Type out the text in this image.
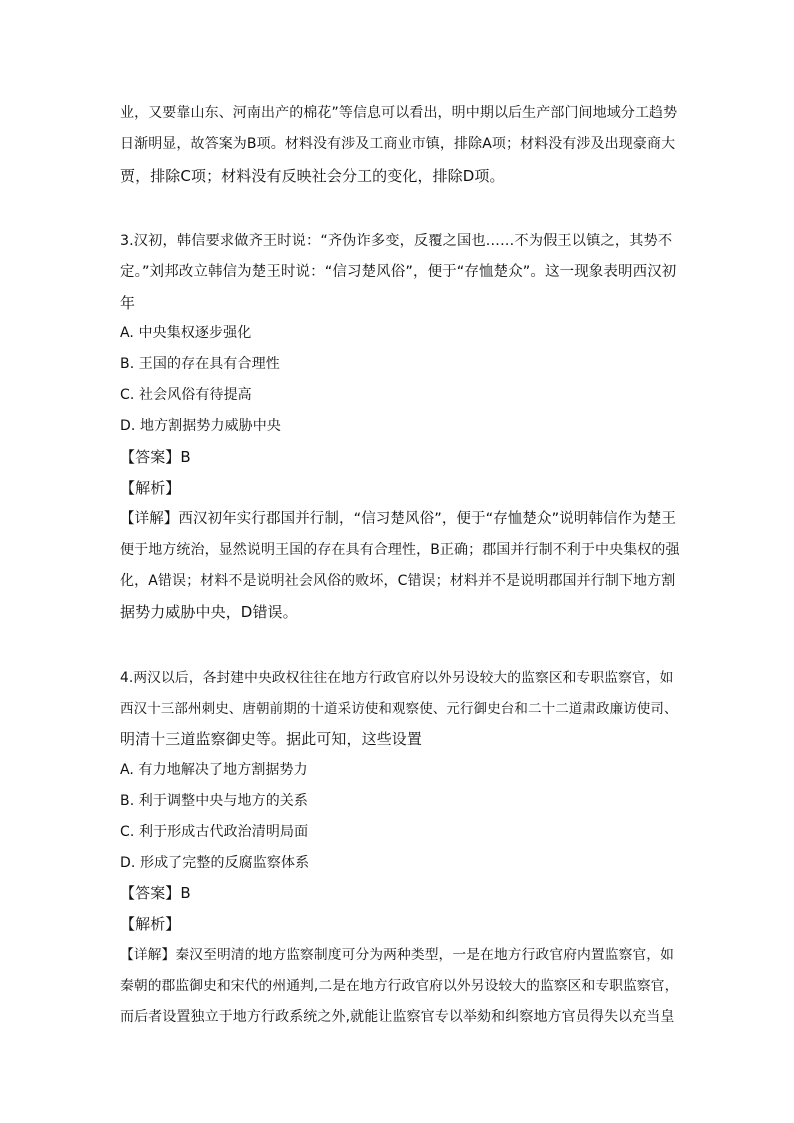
业，又要靠山东、河南出产的棉花”等信息可以看出，明中期以后生产部门间地域分工趋势
日渐明显，故答案为B项。材料没有涉及工商业市镇，排除A项；材料没有涉及出现豪商大
贾，排除C项；材料没有反映社会分工的变化，排除D项。
3.汉初，韩信要求做齐王时说：“齐伪诈多变，反覆之国也……不为假王以镇之，其势不
定。”刘邦改立韩信为楚王时说：“信习楚风俗”，便于“存恤楚众”。这一现象表明西汉初
年
A. 中央集权逐步强化
B. 王国的存在具有合理性
C. 社会风俗有待提高
D. 地方割据势力威胁中央
【答案】B
【解析】
【详解】西汉初年实行郡国并行制，“信习楚风俗”，便于“存恤楚众”说明韩信作为楚王
便于地方统治，显然说明王国的存在具有合理性，B正确；郡国并行制不利于中央集权的强
化，A错误；材料不是说明社会风俗的败坏，C错误；材料并不是说明郡国并行制下地方割
据势力威胁中央，D错误。
4.两汉以后，各封建中央政权往往在地方行政官府以外另设较大的监察区和专职监察官，如
西汉十三部州刺史、唐朝前期的十道采访使和观察使、元行御史台和二十二道肃政廉访使司、
明清十三道监察御史等。据此可知，这些设置
A. 有力地解决了地方割据势力
B. 利于调整中央与地方的关系
C. 利于形成古代政治清明局面
D. 形成了完整的反腐监察体系
【答案】B
【解析】
【详解】秦汉至明清的地方监察制度可分为两种类型，一是在地方行政官府内置监察官，如
秦朝的郡监御史和宋代的州通判,二是在地方行政官府以外另设较大的监察区和专职监察官，
而后者设置独立于地方行政系统之外,就能让监察官专以举劾和纠察地方官员得失以充当皇
